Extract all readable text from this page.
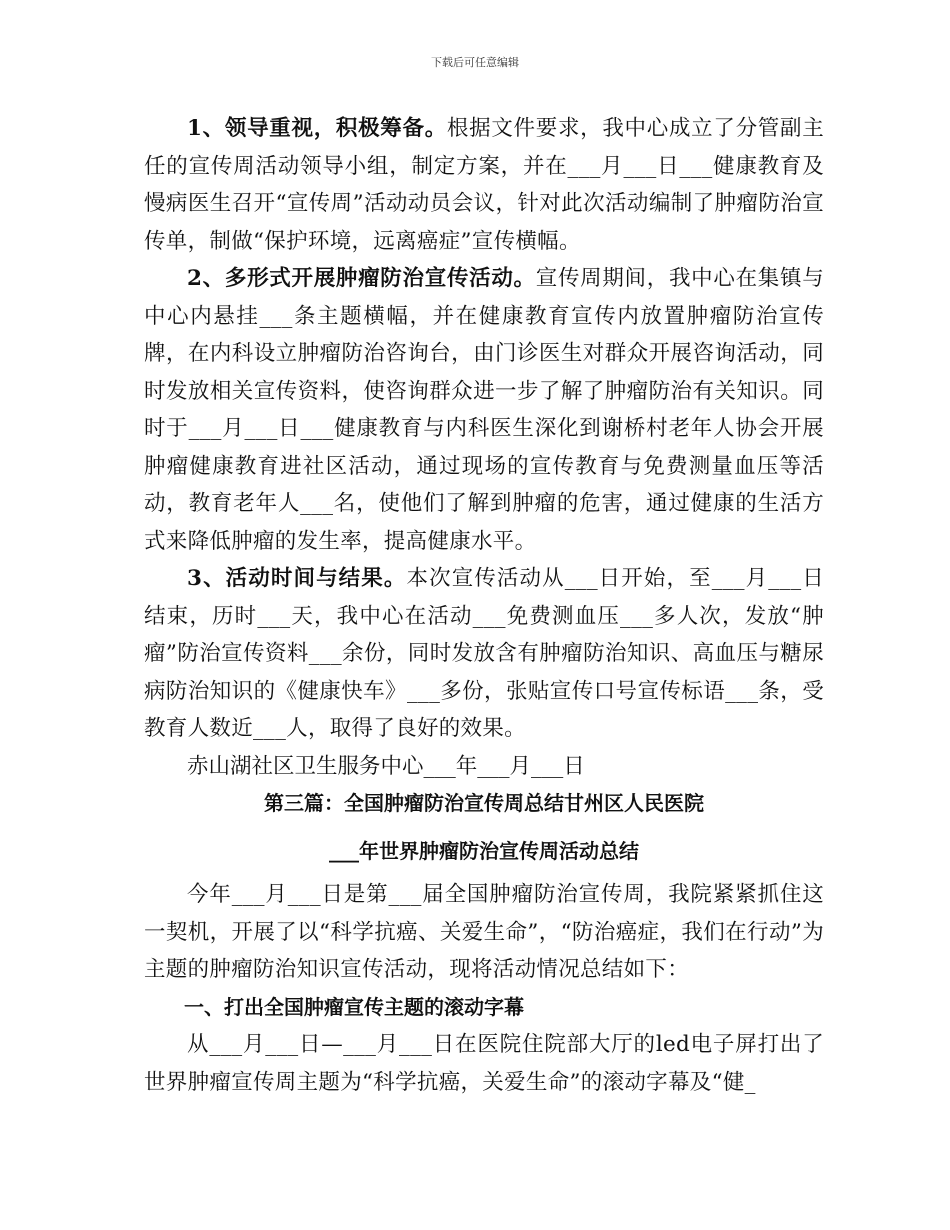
下载后可任意编辑

1、领导重视，积极筹备。根据文件要求，我中心成立了分管副主任的宣传周活动领导小组，制定方案，并在___月___日___健康教育及慢病医生召开“宣传周”活动动员会议，针对此次活动编制了肿瘤防治宣传单，制做“保护环境，远离癌症”宣传横幅。

2、多形式开展肿瘤防治宣传活动。宣传周期间，我中心在集镇与中心内悬挂___条主题横幅，并在健康教育宣传内放置肿瘤防治宣传牌，在内科设立肿瘤防治咨询台，由门诊医生对群众开展咨询活动，同时发放相关宣传资料，使咨询群众进一步了解了肿瘤防治有关知识。同时于___月___日___健康教育与内科医生深化到谢桥村老年人协会开展肿瘤健康教育进社区活动，通过现场的宣传教育与免费测量血压等活动，教育老年人___名，使他们了解到肿瘤的危害，通过健康的生活方式来降低肿瘤的发生率，提高健康水平。

3、活动时间与结果。本次宣传活动从___日开始，至___月___日结束，历时___天，我中心在活动___免费测血压___多人次，发放“肿瘤”防治宣传资料___余份，同时发放含有肿瘤防治知识、高血压与糖尿病防治知识的《健康快车》___多份，张贴宣传口号宣传标语___条，受教育人数近___人，取得了良好的效果。

赤山湖社区卫生服务中心___年___月___日

第三篇：全国肿瘤防治宣传周总结甘州区人民医院

___年世界肿瘤防治宣传周活动总结

今年___月___日是第___届全国肿瘤防治宣传周，我院紧紧抓住这一契机，开展了以“科学抗癌、关爱生命”，“防治癌症，我们在行动”为主题的肿瘤防治知识宣传活动，现将活动情况总结如下：

一、打出全国肿瘤宣传主题的滚动字幕

从___月___日—___月___日在医院住院部大厅的led电子屏打出了世界肿瘤宣传周主题为“科学抗癌，关爱生命”的滚动字幕及“健_
